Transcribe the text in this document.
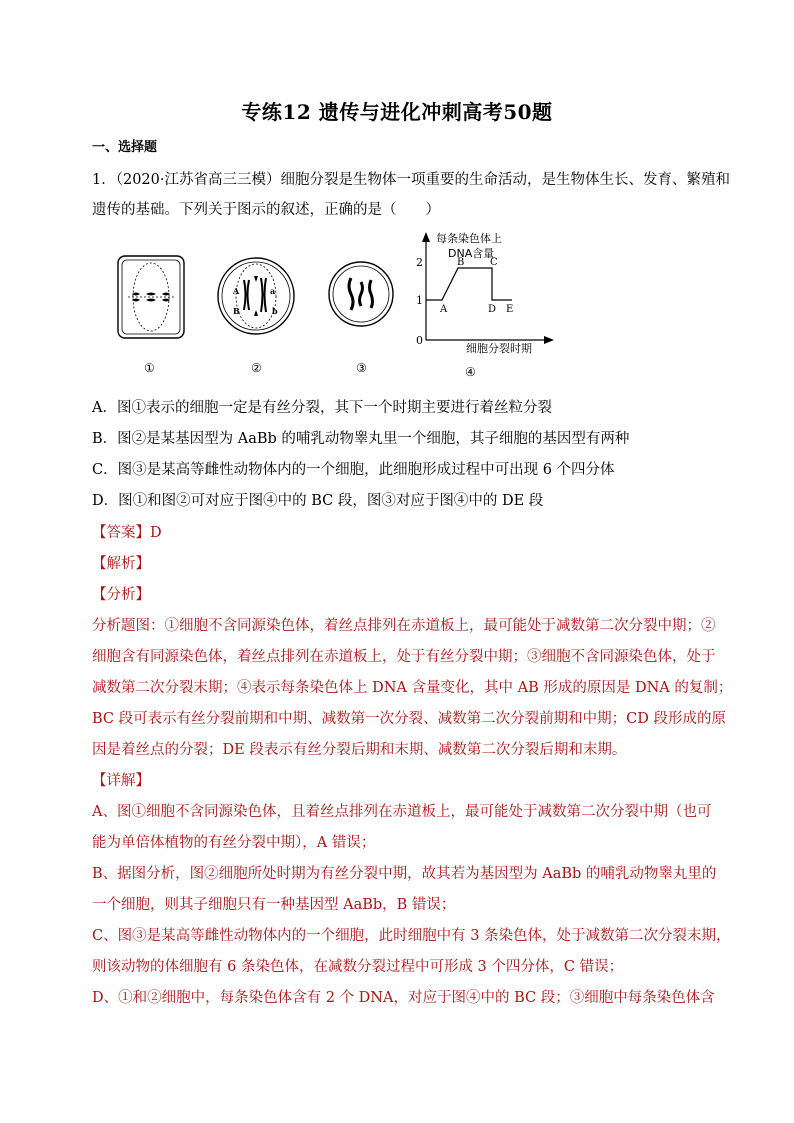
专练12 遗传与进化冲刺高考50题
一、选择题
1．（2020·江苏省高三三模）细胞分裂是生物体一项重要的生命活动，是生物体生长、发育、繁殖和
遗传的基础。下列关于图示的叙述，正确的是（　　）
A	a
B	b
每条染色体上
DNA含量
细胞分裂时期
0
1
2
A
B	C
D E
①	②	③	④
A．图①表示的细胞一定是有丝分裂，其下一个时期主要进行着丝粒分裂
B．图②是某基因型为 AaBb 的哺乳动物睾丸里一个细胞，其子细胞的基因型有两种
C．图③是某高等雌性动物体内的一个细胞，此细胞形成过程中可出现 6 个四分体
D．图①和图②可对应于图④中的 BC 段，图③对应于图④中的 DE 段
【答案】D
【解析】
【分析】
分析题图：①细胞不含同源染色体，着丝点排列在赤道板上，最可能处于减数第二次分裂中期；②
细胞含有同源染色体，着丝点排列在赤道板上，处于有丝分裂中期；③细胞不含同源染色体，处于
减数第二次分裂末期；④表示每条染色体上 DNA 含量变化，其中 AB 形成的原因是 DNA 的复制；
BC 段可表示有丝分裂前期和中期、减数第一次分裂、减数第二次分裂前期和中期；CD 段形成的原
因是着丝点的分裂；DE 段表示有丝分裂后期和末期、减数第二次分裂后期和末期。
【详解】
A、图①细胞不含同源染色体，且着丝点排列在赤道板上，最可能处于减数第二次分裂中期（也可
能为单倍体植物的有丝分裂中期），A 错误；
B、据图分析，图②细胞所处时期为有丝分裂中期，故其若为基因型为 AaBb 的哺乳动物睾丸里的
一个细胞，则其子细胞只有一种基因型 AaBb，B 错误；
C、图③是某高等雌性动物体内的一个细胞，此时细胞中有 3 条染色体，处于减数第二次分裂末期，
则该动物的体细胞有 6 条染色体，在减数分裂过程中可形成 3 个四分体，C 错误；
D、①和②细胞中，每条染色体含有 2 个 DNA，对应于图④中的 BC 段；③细胞中每条染色体含
